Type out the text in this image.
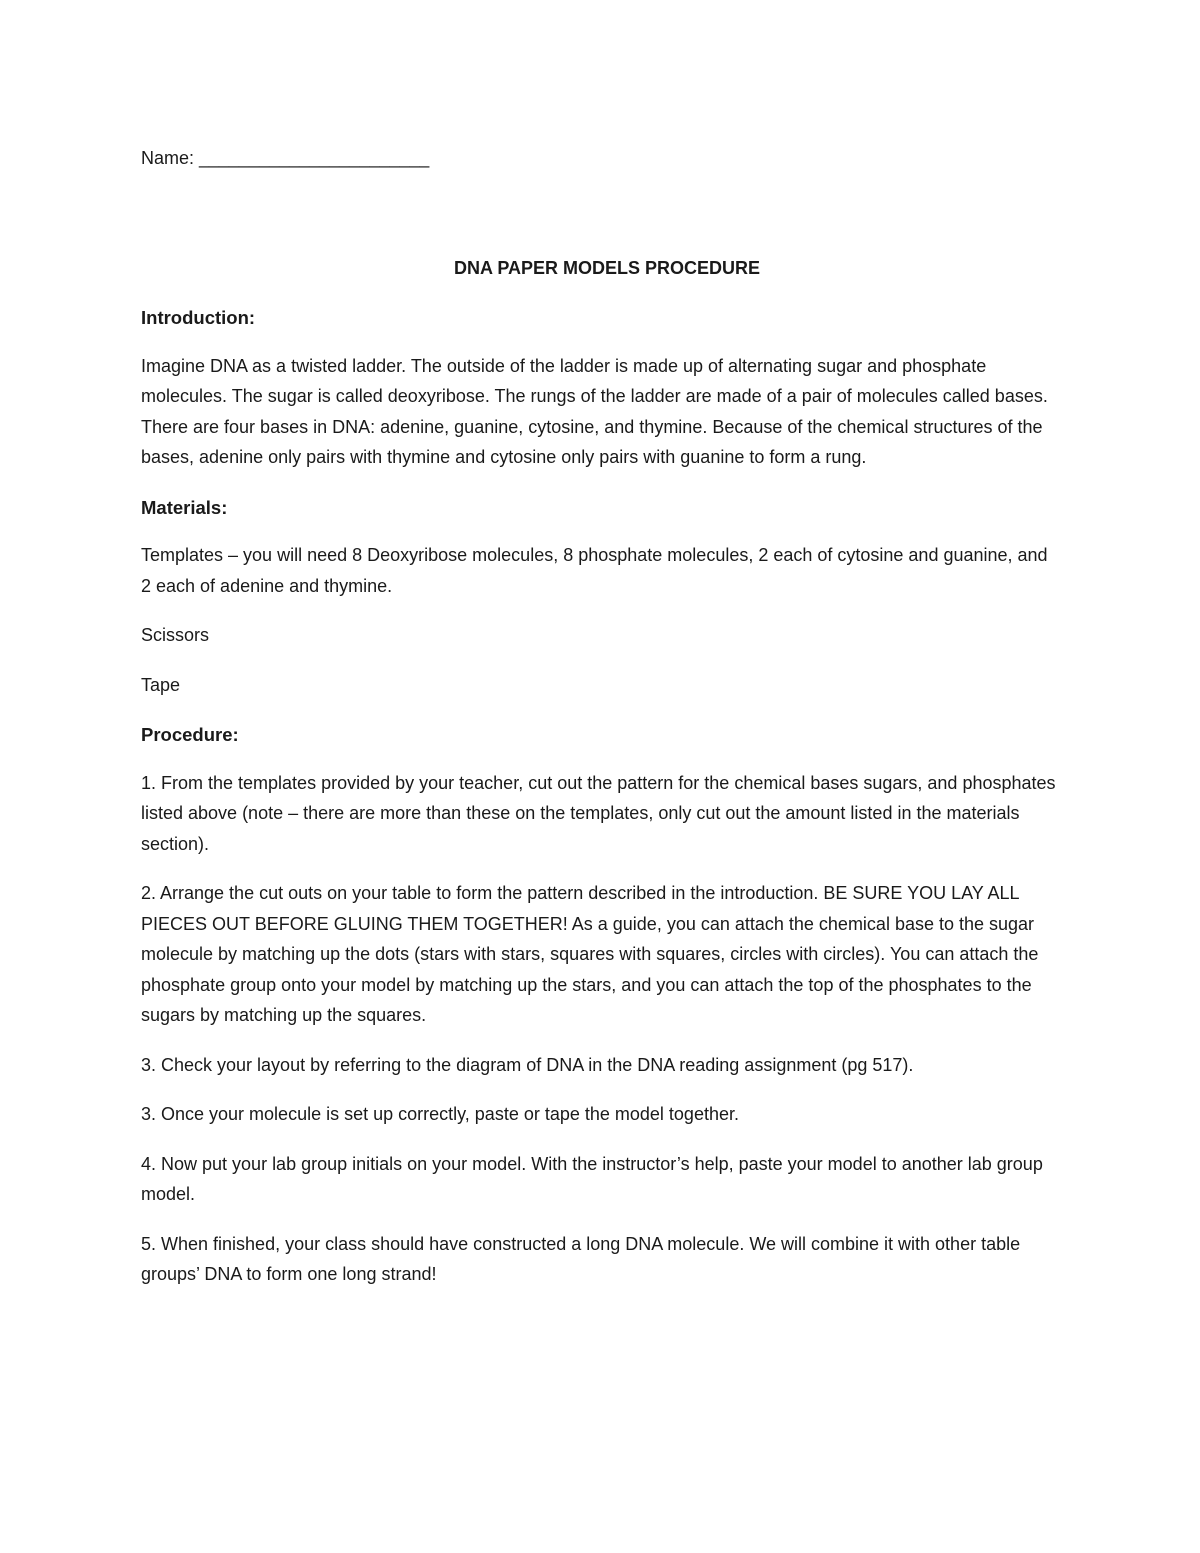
Name: _______________________

DNA PAPER MODELS PROCEDURE
Introduction:

Imagine DNA as a twisted ladder. The outside of the ladder is made up of alternating sugar and phosphate molecules. The sugar is called deoxyribose. The rungs of the ladder are made of a pair of molecules called bases. There are four bases in DNA: adenine, guanine, cytosine, and thymine. Because of the chemical structures of the bases, adenine only pairs with thymine and cytosine only pairs with guanine to form a rung.

Materials:

Templates – you will need 8 Deoxyribose molecules, 8 phosphate molecules, 2 each of cytosine and guanine, and 2 each of adenine and thymine.

Scissors

Tape

Procedure:

1. From the templates provided by your teacher, cut out the pattern for the chemical bases sugars, and phosphates listed above (note – there are more than these on the templates, only cut out the amount listed in the materials section).

2. Arrange the cut outs on your table to form the pattern described in the introduction. BE SURE YOU LAY ALL PIECES OUT BEFORE GLUING THEM TOGETHER! As a guide, you can attach the chemical base to the sugar molecule by matching up the dots (stars with stars, squares with squares, circles with circles). You can attach the phosphate group onto your model by matching up the stars, and you can attach the top of the phosphates to the sugars by matching up the squares.

3. Check your layout by referring to the diagram of DNA in the DNA reading assignment (pg 517).

3. Once your molecule is set up correctly, paste or tape the model together.

4. Now put your lab group initials on your model. With the instructor’s help, paste your model to another lab group model.

5. When finished, your class should have constructed a long DNA molecule. We will combine it with other table groups’ DNA to form one long strand!
